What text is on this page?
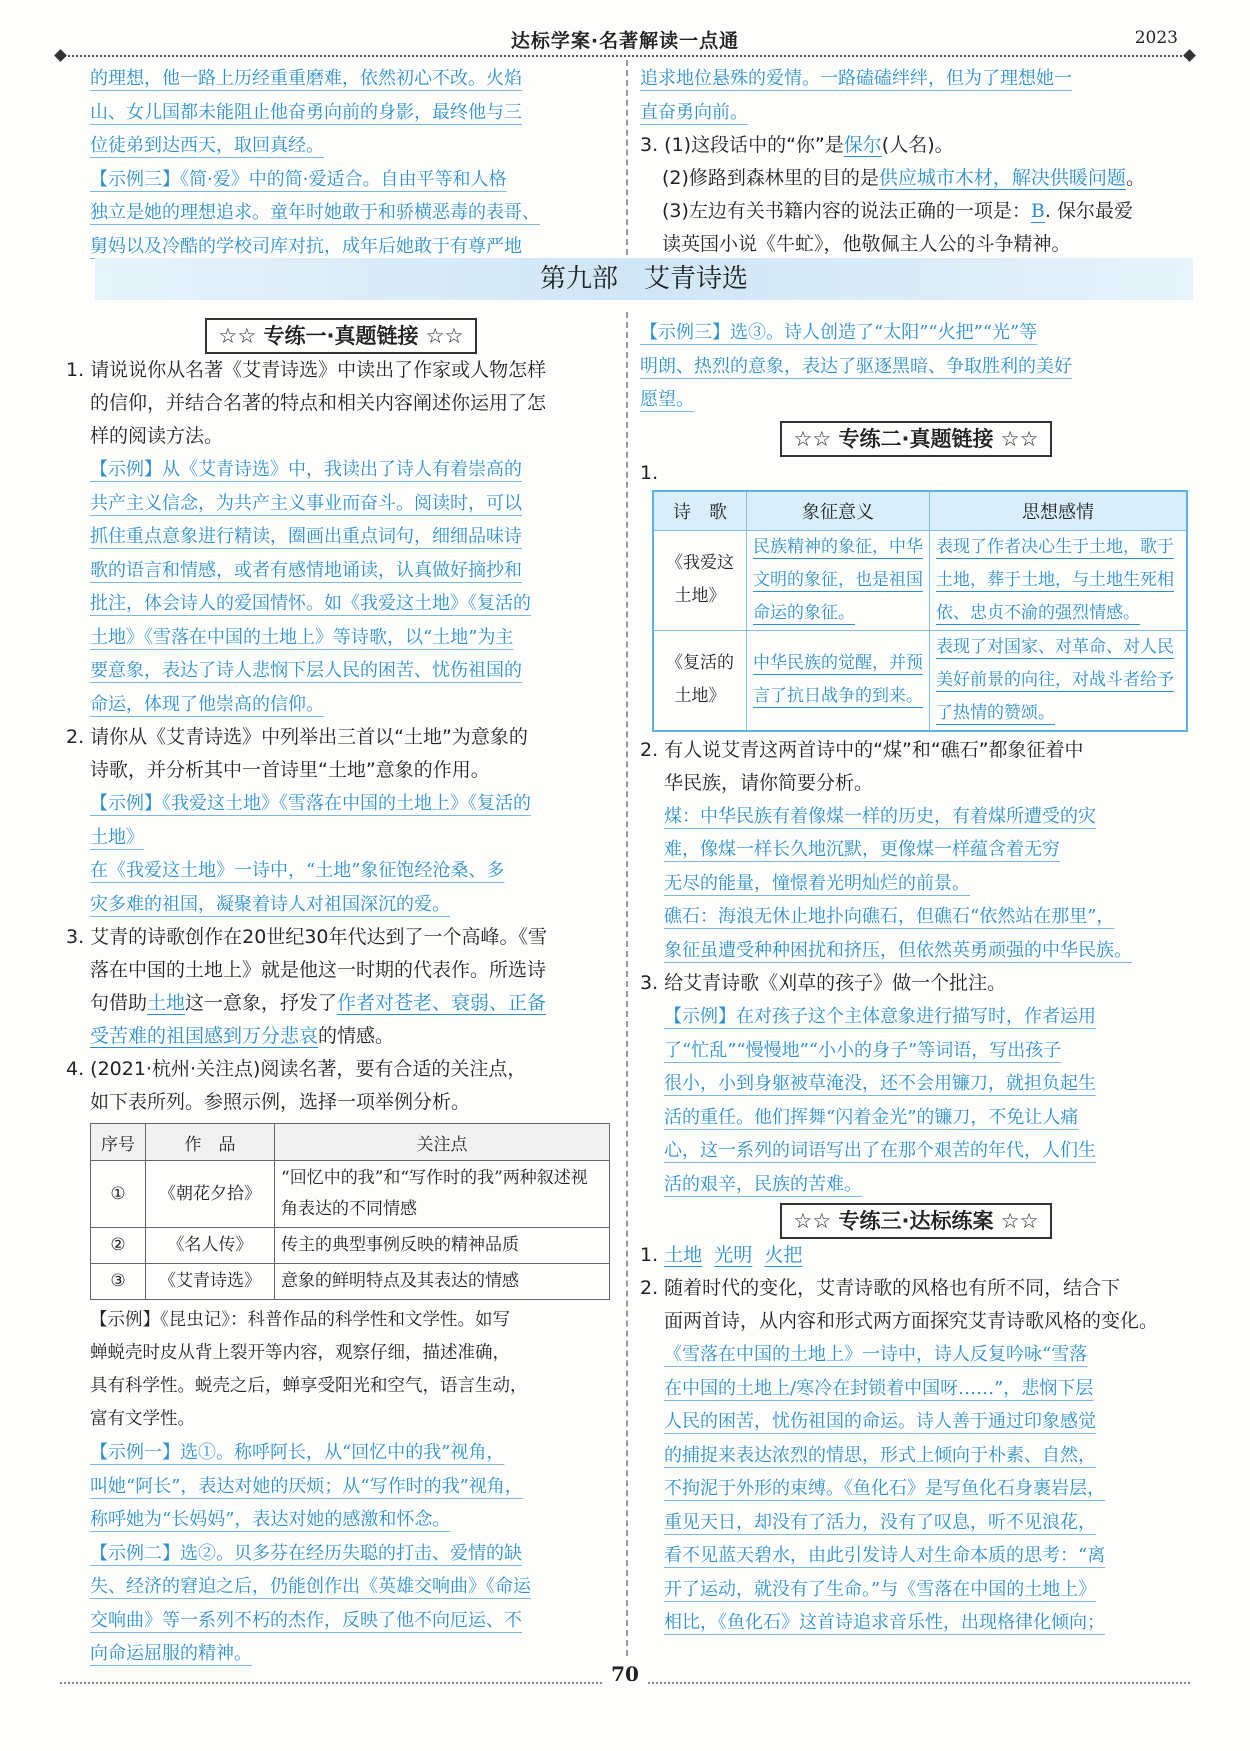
达标学案·名著解读一点通	2023

的理想，他一路上历经重重磨难，依然初心不改。火焰

山、女儿国都未能阻止他奋勇向前的身影，最终他与三

位徒弟到达西天，取回真经。

【示例三】《简·爱》中的简·爱适合。自由平等和人格

独立是她的理想追求。童年时她敢于和骄横恶毒的表哥、

舅妈以及冷酷的学校司库对抗，成年后她敢于有尊严地

追求地位悬殊的爱情。一路磕磕绊绊，但为了理想她一

直奋勇向前。

3. (1)这段话中的“你”是保尔(人名)。

(2)修路到森林里的目的是供应城市木材，解决供暖问题。

(3)左边有关书籍内容的说法正确的一项是：B. 保尔最爱

读英国小说《牛虻》，他敬佩主人公的斗争精神。

第九部　艾青诗选
☆☆ 专练一·真题链接 ☆☆

1. 请说说你从名著《艾青诗选》中读出了作家或人物怎样

的信仰，并结合名著的特点和相关内容阐述你运用了怎

样的阅读方法。

【示例】从《艾青诗选》中，我读出了诗人有着崇高的

共产主义信念，为共产主义事业而奋斗。阅读时，可以

抓住重点意象进行精读，圈画出重点词句，细细品味诗

歌的语言和情感，或者有感情地诵读，认真做好摘抄和

批注，体会诗人的爱国情怀。如《我爱这土地》《复活的

土地》《雪落在中国的土地上》等诗歌，以“土地”为主

要意象，表达了诗人悲悯下层人民的困苦、忧伤祖国的

命运，体现了他崇高的信仰。

2. 请你从《艾青诗选》中列举出三首以“土地”为意象的

诗歌，并分析其中一首诗里“土地”意象的作用。

【示例】《我爱这土地》《雪落在中国的土地上》《复活的

土地》

在《我爱这土地》一诗中，“土地”象征饱经沧桑、多

灾多难的祖国，凝聚着诗人对祖国深沉的爱。

3. 艾青的诗歌创作在20世纪30年代达到了一个高峰。《雪

落在中国的土地上》就是他这一时期的代表作。所选诗

句借助土地这一意象，抒发了作者对苍老、衰弱、正备

受苦难的祖国感到万分悲哀的情感。

4. (2021·杭州·关注点)阅读名著，要有合适的关注点，

如下表所列。参照示例，选择一项举例分析。

序号	作　品	关注点
①	《朝花夕拾》	“回忆中的我”和“写作时的我”两种叙述视角表达的不同情感
②	《名人传》	传主的典型事例反映的精神品质
③	《艾青诗选》	意象的鲜明特点及其表达的情感

【示例】《昆虫记》：科普作品的科学性和文学性。如写

蝉蜕壳时皮从背上裂开等内容，观察仔细，描述准确，

具有科学性。蜕壳之后，蝉享受阳光和空气，语言生动，

富有文学性。

【示例一】选①。称呼阿长，从“回忆中的我”视角，

叫她“阿长”，表达对她的厌烦；从“写作时的我”视角，

称呼她为“长妈妈”，表达对她的感激和怀念。

【示例二】选②。贝多芬在经历失聪的打击、爱情的缺

失、经济的窘迫之后，仍能创作出《英雄交响曲》《命运

交响曲》等一系列不朽的杰作，反映了他不向厄运、不

向命运屈服的精神。

【示例三】选③。诗人创造了“太阳”“火把”“光”等

明朗、热烈的意象，表达了驱逐黑暗、争取胜利的美好

愿望。

☆☆ 专练二·真题链接 ☆☆

1.

诗　歌	象征意义	思想感情
《我爱这土地》	民族精神的象征，中华文明的象征，也是祖国命运的象征。	表现了作者决心生于土地，歌于土地，葬于土地，与土地生死相依、忠贞不渝的强烈情感。
《复活的土地》	中华民族的觉醒，并预言了抗日战争的到来。	表现了对国家、对革命、对人民美好前景的向往，对战斗者给予了热情的赞颂。

2. 有人说艾青这两首诗中的“煤”和“礁石”都象征着中

华民族，请你简要分析。

煤：中华民族有着像煤一样的历史，有着煤所遭受的灾

难，像煤一样长久地沉默，更像煤一样蕴含着无穷

无尽的能量，憧憬着光明灿烂的前景。

礁石：海浪无休止地扑向礁石，但礁石“依然站在那里”，

象征虽遭受种种困扰和挤压，但依然英勇顽强的中华民族。

3. 给艾青诗歌《刈草的孩子》做一个批注。

【示例】在对孩子这个主体意象进行描写时，作者运用

了“忙乱”“慢慢地”“小小的身子”等词语，写出孩子

很小，小到身躯被草淹没，还不会用镰刀，就担负起生

活的重任。他们挥舞“闪着金光”的镰刀，不免让人痛

心，这一系列的词语写出了在那个艰苦的年代，人们生

活的艰辛，民族的苦难。

☆☆ 专练三·达标练案 ☆☆

1. 土地 光明 火把

2. 随着时代的变化，艾青诗歌的风格也有所不同，结合下

面两首诗，从内容和形式两方面探究艾青诗歌风格的变化。

《雪落在中国的土地上》一诗中，诗人反复吟咏“雪落

在中国的土地上/寒冷在封锁着中国呀……”，悲悯下层

人民的困苦，忧伤祖国的命运。诗人善于通过印象感觉

的捕捉来表达浓烈的情思，形式上倾向于朴素、自然，

不拘泥于外形的束缚。《鱼化石》是写鱼化石身裹岩层，

重见天日，却没有了活力，没有了叹息，听不见浪花，

看不见蓝天碧水，由此引发诗人对生命本质的思考：“离

开了运动，就没有了生命。”与《雪落在中国的土地上》

相比，《鱼化石》这首诗追求音乐性，出现格律化倾向；

70
